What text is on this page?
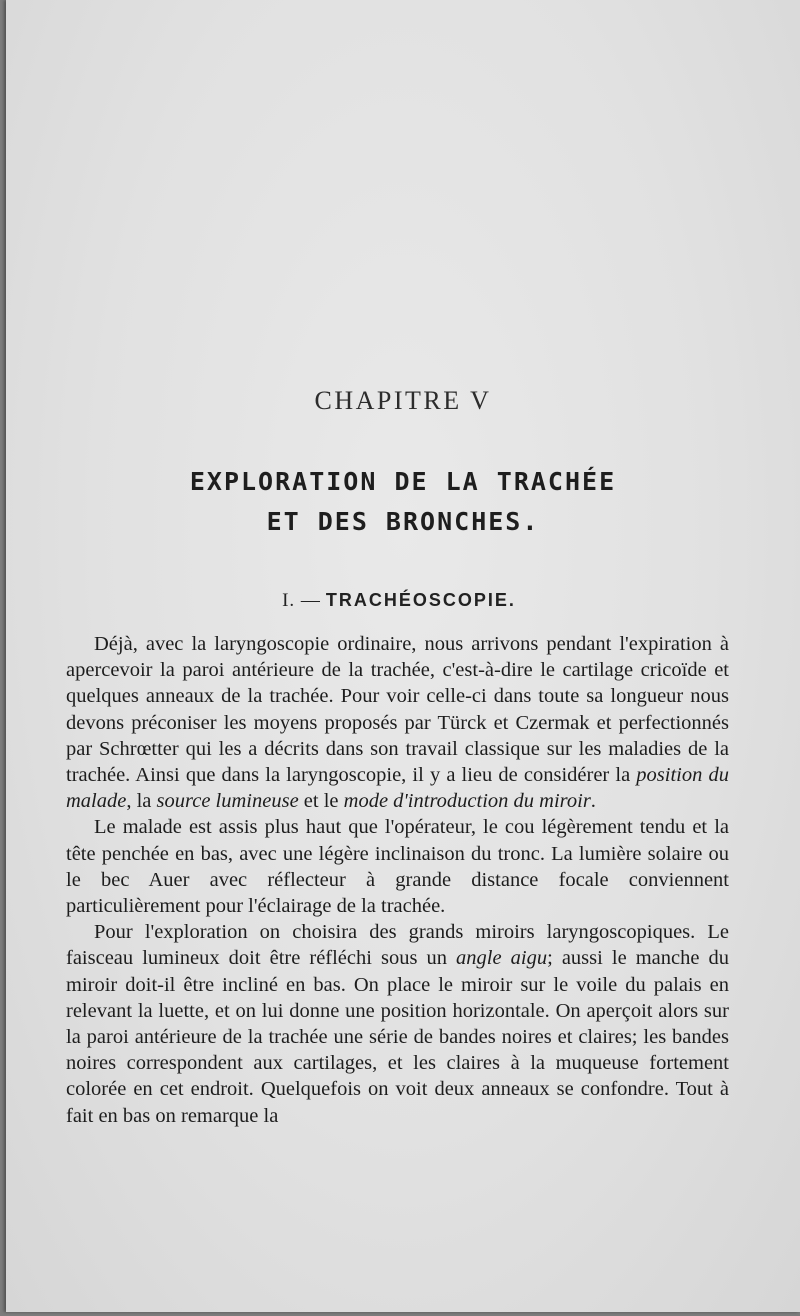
CHAPITRE V
EXPLORATION DE LA TRACHÉE
ET DES BRONCHES.
I. — TRACHÉOSCOPIE.

Déjà, avec la laryngoscopie ordinaire, nous arrivons pendant l'expiration à apercevoir la paroi antérieure de la trachée, c'est-à-dire le cartilage cricoïde et quelques anneaux de la trachée. Pour voir celle-ci dans toute sa longueur nous devons préconiser les moyens proposés par Türck et Czermak et perfectionnés par Schrœtter qui les a décrits dans son travail classique sur les maladies de la trachée. Ainsi que dans la laryngoscopie, il y a lieu de considérer la position du malade, la source lumineuse et le mode d'introduction du miroir.

Le malade est assis plus haut que l'opérateur, le cou légèrement tendu et la tête penchée en bas, avec une légère inclinaison du tronc. La lumière solaire ou le bec Auer avec réflecteur à grande distance focale conviennent particulièrement pour l'éclairage de la trachée.

Pour l'exploration on choisira des grands miroirs laryngoscopiques. Le faisceau lumineux doit être réfléchi sous un angle aigu; aussi le manche du miroir doit-il être incliné en bas. On place le miroir sur le voile du palais en relevant la luette, et on lui donne une position horizontale. On aperçoit alors sur la paroi antérieure de la trachée une série de bandes noires et claires; les bandes noires correspondent aux cartilages, et les claires à la muqueuse fortement colorée en cet endroit. Quelquefois on voit deux anneaux se confondre. Tout à fait en bas on remarque la
